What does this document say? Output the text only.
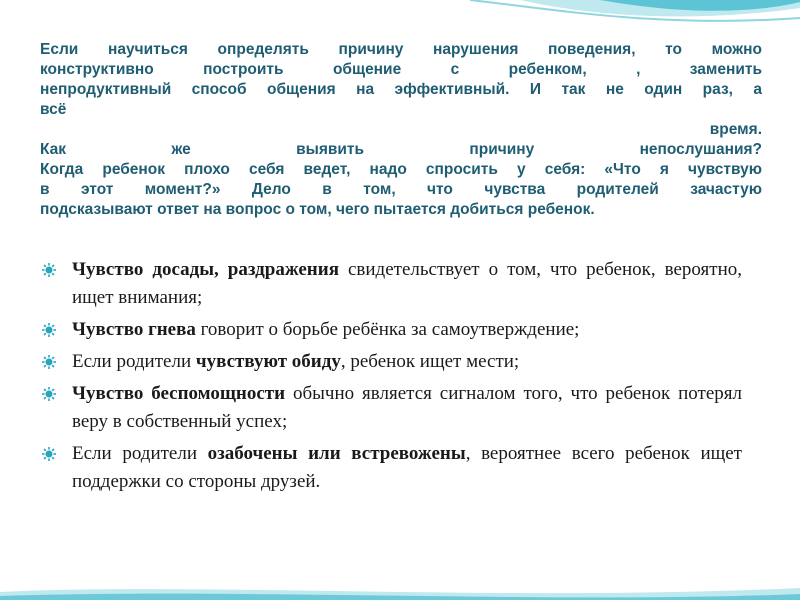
Если научиться определять причину нарушения поведения, то можно
конструктивно построить общение с ребенком, , заменить
непродуктивный способ общения на эффективный. И так не один раз, а
всё
время.
Как	же	выявить	причину	непослушания?
Когда ребенок плохо себя ведет, надо спросить у себя: «Что я чувствую
в этот момент?» Дело в том, что чувства родителей зачастую
подсказывают ответ на вопрос о том, чего пытается добиться ребенок.
Чувство досады, раздражения свидетельствует о том, что ребенок, вероятно, ищет внимания;
Чувство гнева говорит о борьбе ребёнка за самоутверждение;
Если родители чувствуют обиду, ребенок ищет мести;
Чувство беспомощности обычно является сигналом того, что ребенок потерял веру в собственный успех;
Если родители озабочены или встревожены, вероятнее всего ребенок ищет поддержки со стороны друзей.
